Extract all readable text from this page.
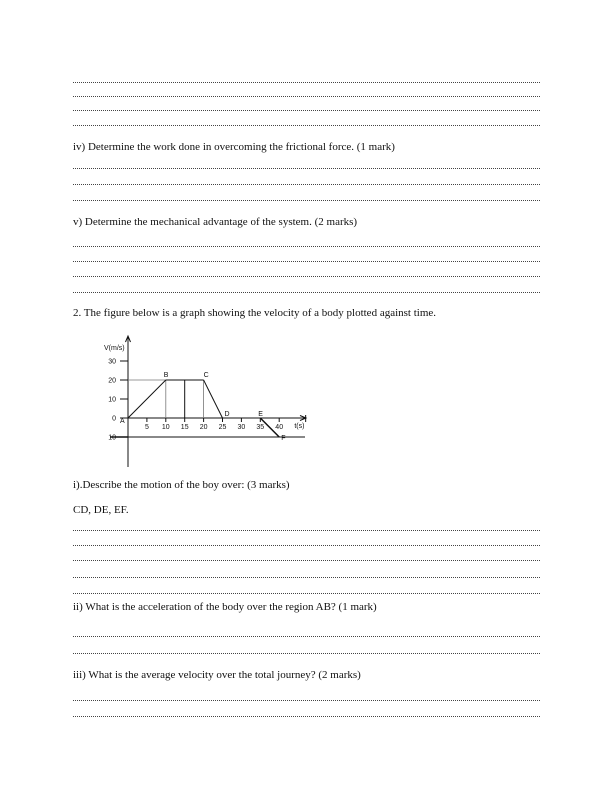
iv) Determine the work done in overcoming the frictional force. (1 mark)
v) Determine the mechanical advantage of the system. (2 marks)
2. The figure below is a graph showing the velocity of a body plotted against time.
V(m/s)
t(s)
30
20
10
0
10
5 10 15 20 25 30 35 40
A
B	C
D	E
F
i).Describe the motion of the boy over: (3 marks)
CD, DE, EF.
ii) What is the acceleration of the body over the region AB? (1 mark)
iii) What is the average velocity over the total journey? (2 marks)
